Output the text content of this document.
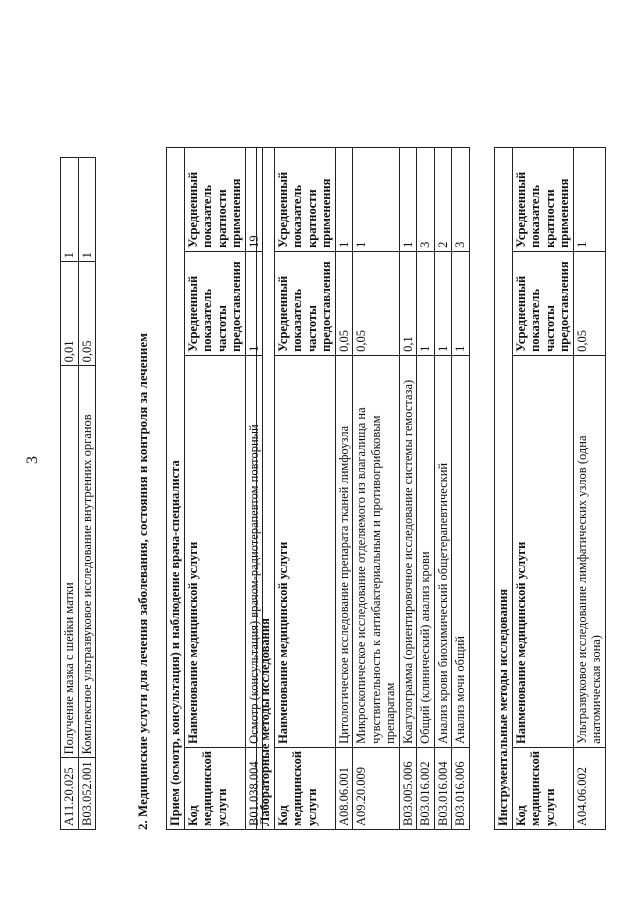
3
A11.20.025	Получение мазка с шейки матки	0,01	1
B03.052.001	Комплексное ультразвуковое исследование внутренних органов	0,05	1
2. Медицинские услуги для лечения заболевания, состояния и контроля за лечением Прием (осмотр, консультация) и наблюдение врача-специалиста			
Код медицинской услуги	Наименование медицинской услуги	Усредненный показатель частоты предоставления	Усредненный показатель кратности применения
B01.038.004	Осмотр (консультация) врачом-радиотерапевтом повторный	1	19
Лабораторные методы исследования			
Код медицинской услуги	Наименование медицинской услуги	Усредненный показатель частоты предоставления	Усредненный показатель кратности применения
A08.06.001	Цитологическое исследование препарата тканей лимфоузла	0,05	1
A09.20.009	Микроскопическое исследование отделяемого из влагалища на чувствительность к антибактериальным и противогрибковым препаратам	0,05	1
B03.005.006	Коагулограмма (ориентировочное исследование системы гемостаза)	0,1	1
B03.016.002	Общий (клинический) анализ крови	1	3
B03.016.004	Анализ крови биохимический общетерапевтический	1	2
B03.016.006	Анализ мочи общий	1	3
Инструментальные методы исследования			
Код медицинской услуги	Наименование медицинской услуги	Усредненный показатель частоты предоставления	Усредненный показатель кратности применения
A04.06.002	Ультразвуковое исследование лимфатических узлов (одна анатомическая зона)	0,05	1
